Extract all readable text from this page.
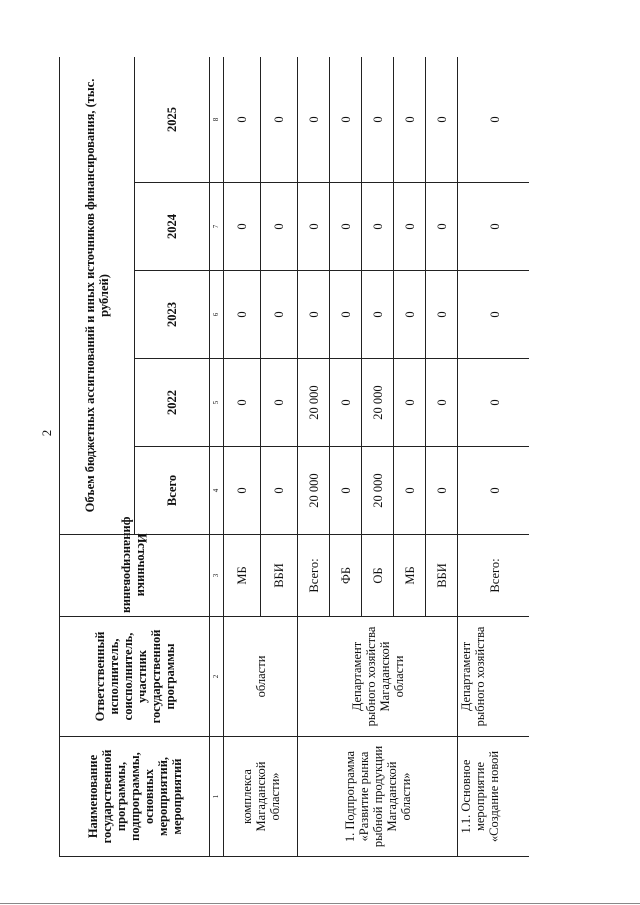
2
Наименование государственной программы, подпрограммы, основных мероприятий, мероприятий	Ответственный исполнитель, соисполнитель, участник государственной программы	Источники финансирования	Объем бюджетных ассигнований и иных источников финансирования, (тыс. рублей)				
			Всего	2022	2023	2024	2025
1	2	3	4	5	6	7	8
комплекса Магаданской области»	области	МБ	0	0	0	0	0
		ВБИ	0	0	0	0	0
1. Подпрограмма «Развитие рынка рыбной продукции Магаданской области»	Департамент рыбного хозяйства Магаданской области	Всего:	20 000	20 000	0	0	0
		ФБ	0	0	0	0	0
		ОБ	20 000	20 000	0	0	0
		МБ	0	0	0	0	0
		ВБИ	0	0	0	0	0
1.1. Основное мероприятие «Создание новой	Департамент рыбного хозяйства	Всего:	0	0	0	0	0
